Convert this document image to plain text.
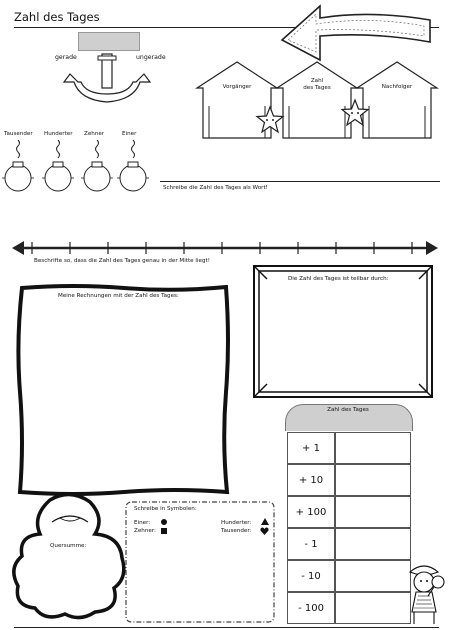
Zahl des Tages
gerade	ungerade
Vorgänger
Zahl
des Tages	Nachfolger
Tausender Hunderter Zehner	Einer
Schreibe die Zahl des Tages als Wort!
Beschrifte so, dass die Zahl des Tages genau in der Mitte liegt!
Meine Rechnungen mit der Zahl des Tages:
Die Zahl des Tages ist teilbar durch:
Zahl des Tages
+ 1
+ 10
+ 100
- 1
- 10
- 100
Quersumme:
Schreibe in Symbolen:
Einer:
Zehner:
Hunderter:
Tausender:
